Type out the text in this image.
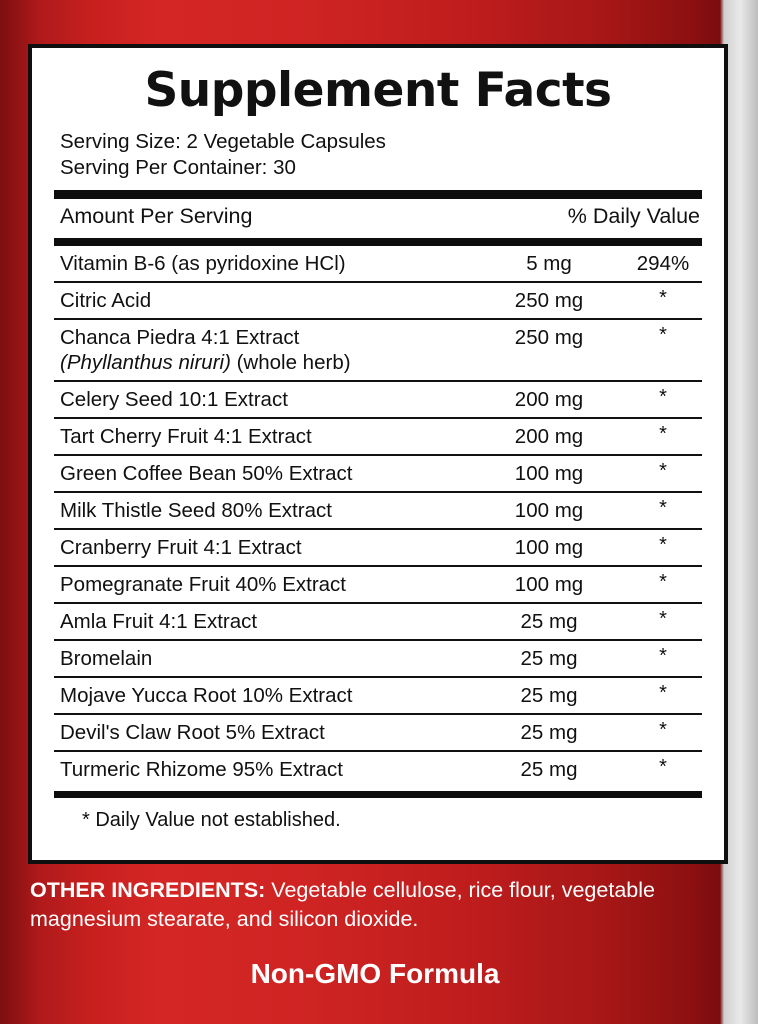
Supplement Facts
Serving Size: 2 Vegetable Capsules
Serving Per Container: 30
Amount Per Serving	% Daily Value
Vitamin B-6 (as pyridoxine HCl)	5 mg	294%
Citric Acid	250 mg	*
Chanca Piedra 4:1 Extract
(Phyllanthus niruri) (whole herb)
250 mg	*
Celery Seed 10:1 Extract	200 mg	*
Tart Cherry Fruit 4:1 Extract	200 mg	*
Green Coffee Bean 50% Extract	100 mg	*
Milk Thistle Seed 80% Extract	100 mg	*
Cranberry Fruit 4:1 Extract	100 mg	*
Pomegranate Fruit 40% Extract	100 mg	*
Amla Fruit 4:1 Extract	25 mg	*
Bromelain	25 mg	*
Mojave Yucca Root 10% Extract	25 mg	*
Devil's Claw Root 5% Extract	25 mg	*
Turmeric Rhizome 95% Extract	25 mg	*
* Daily Value not established.
OTHER INGREDIENTS: Vegetable cellulose, rice flour, vegetable magnesium stearate, and silicon dioxide.
Non-GMO Formula
